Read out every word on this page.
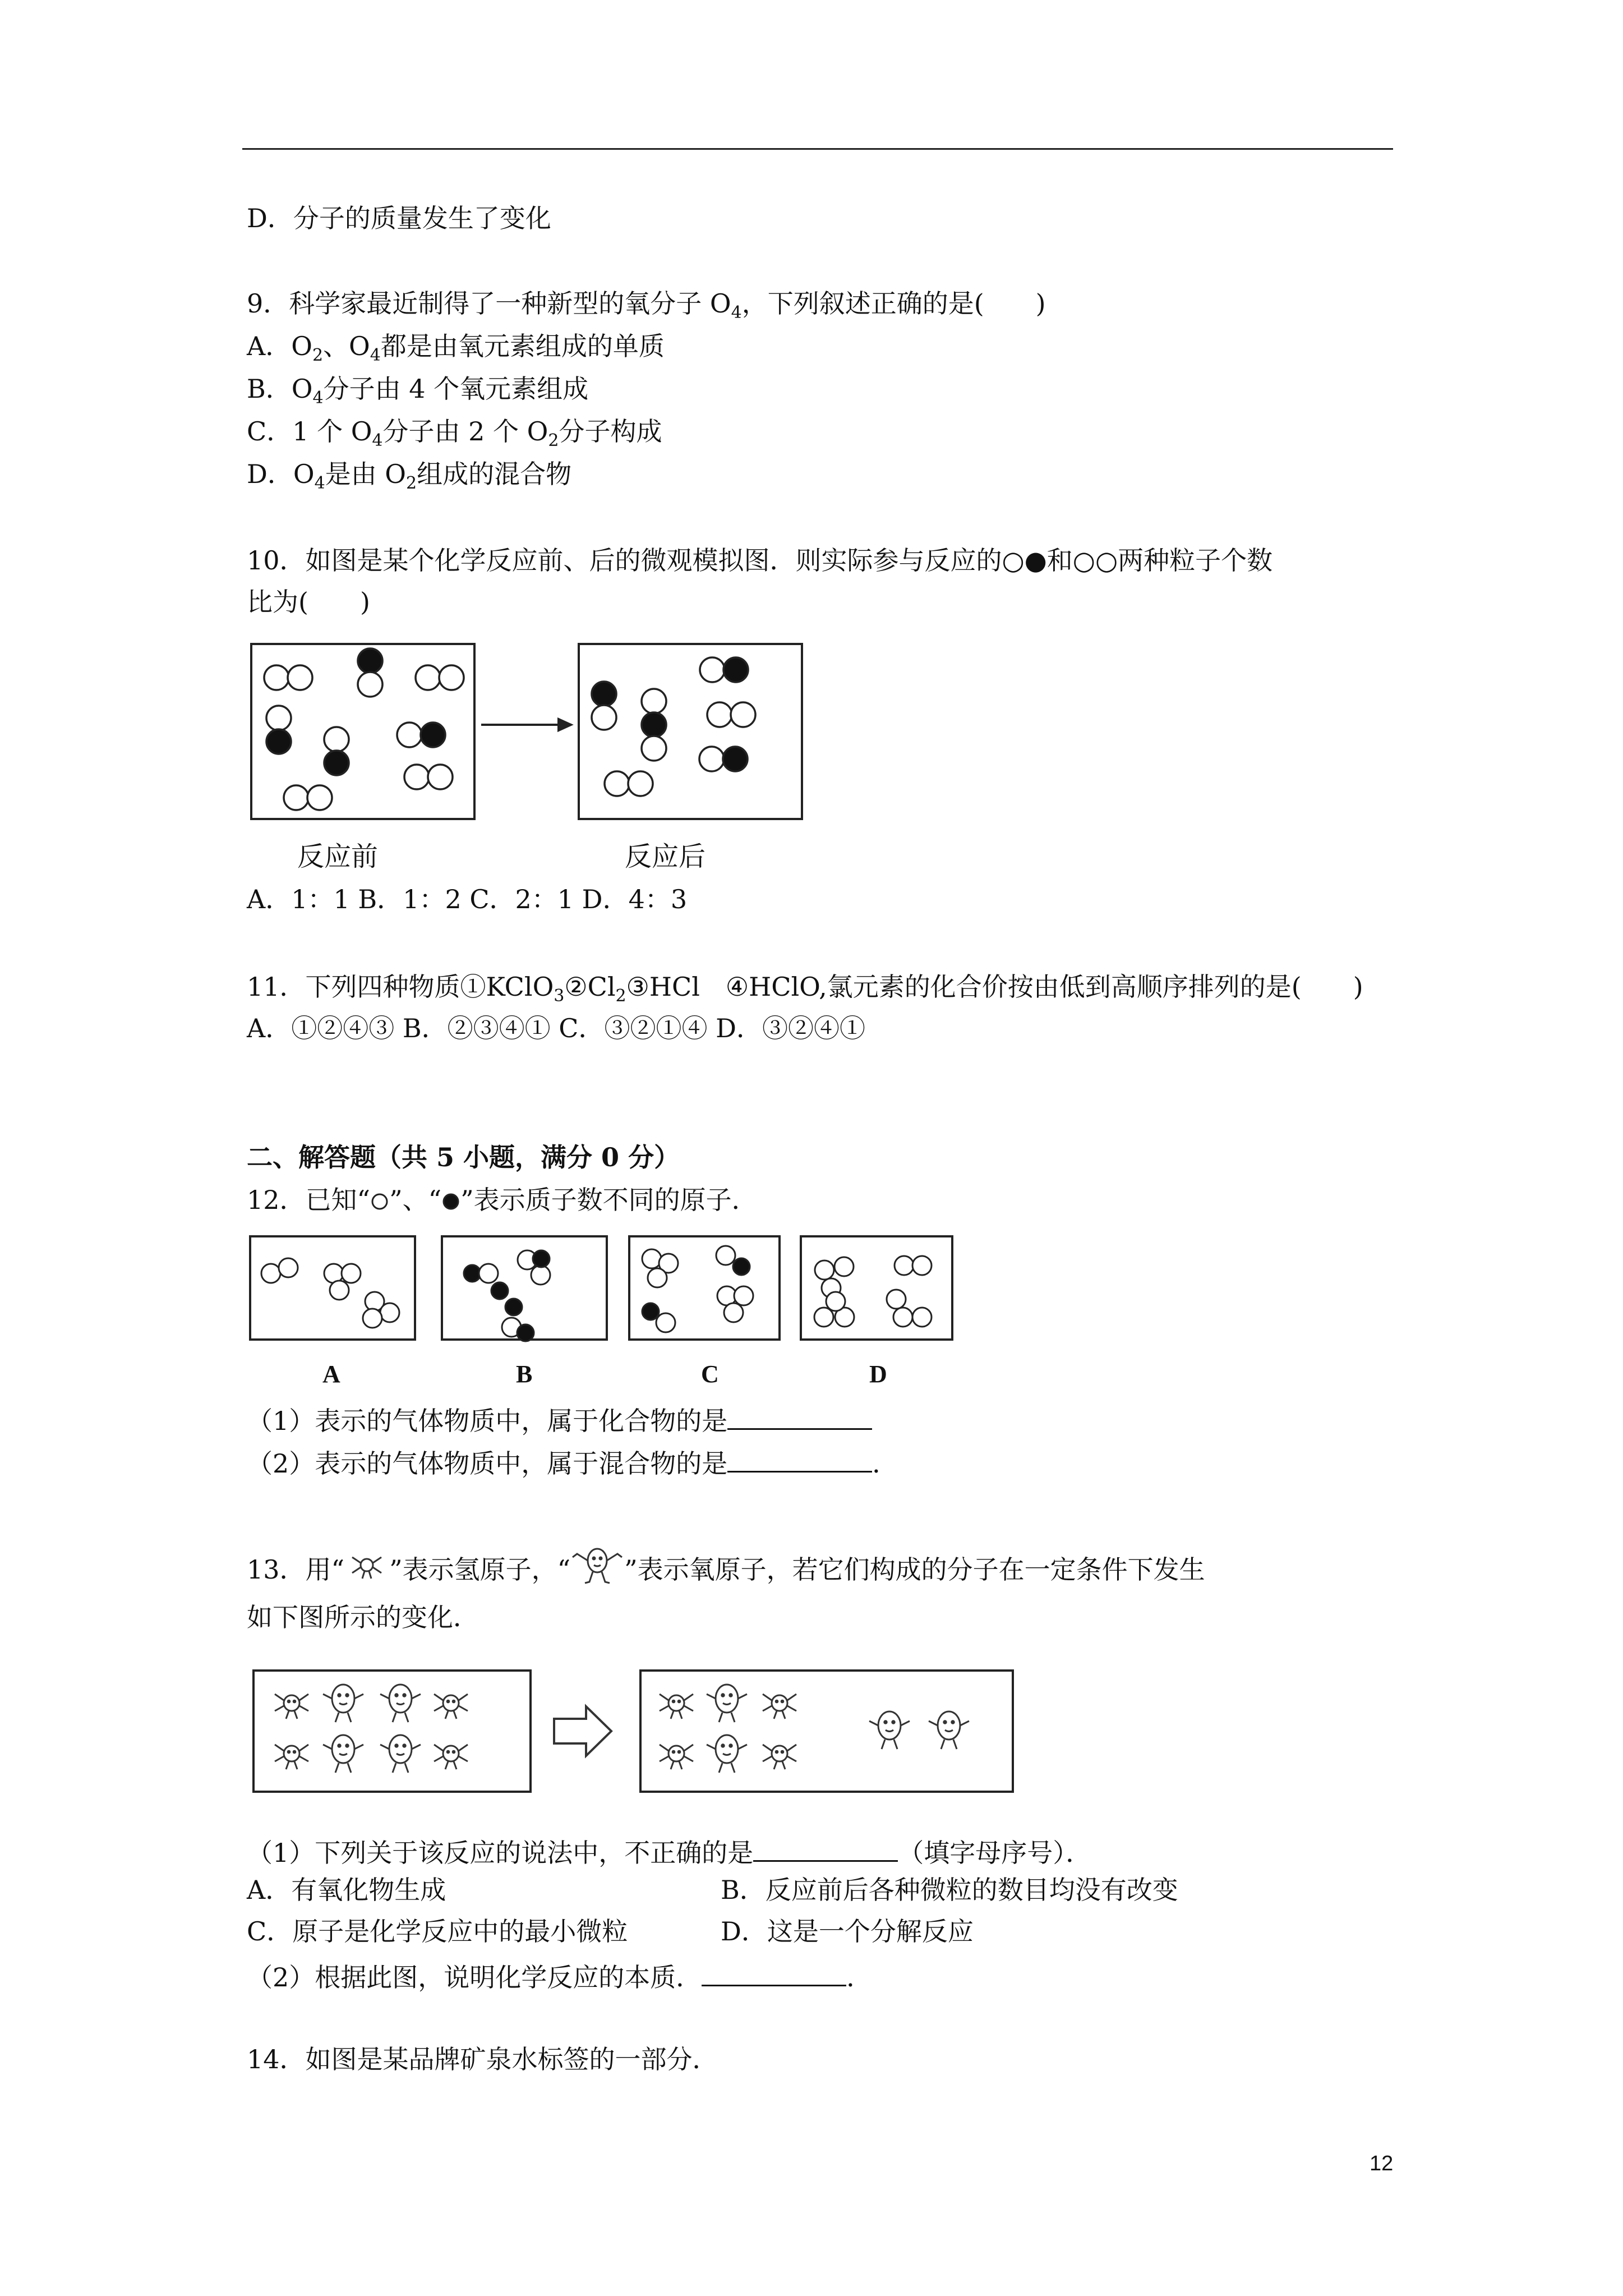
D．分子的质量发生了变化
9．科学家最近制得了一种新型的氧分子 $O_4$，下列叙述正确的是(　　)
A．$O_2$、$O_4$都是由氧元素组成的单质
B．$O_4$分子由 4 个氧元素组成
C．1 个 $O_4$分子由 2 个 $O_2$分子构成
D．$O_4$是由 $O_2$组成的混合物
10．如图是某个化学反应前、后的微观模拟图．则实际参与反应的○●和○○两种粒子个数
比为(　　)
反应前	反应后
A．1：1 B．1：2 C．2：1 D．4：3
11．下列四种物质$①KClO_3②Cl_2③HCl$　④HClO,氯元素的化合价按由低到高顺序排列的是(　　)
A．①②④③ B．②③④① C．③②①④ D．③②④①
二、解答题（共 5 小题，满分 0 分）
12．已知“ ”、“ ”表示质子数不同的原子．
A	B	C	D
（1）表示的气体物质中，属于化合物的是
（2）表示的气体物质中，属于混合物的是	．
13．用“ ”表示氢原子，“ ”表示氧原子，若它们构成的分子在一定条件下发生
如下图所示的变化．
（1）下列关于该反应的说法中，不正确的是	（填字母序号）．
A．有氧化物生成	B．反应前后各种微粒的数目均没有改变
C．原子是化学反应中的最小微粒	D．这是一个分解反应
（2）根据此图，说明化学反应的本质．	．
14．如图是某品牌矿泉水标签的一部分．
12
